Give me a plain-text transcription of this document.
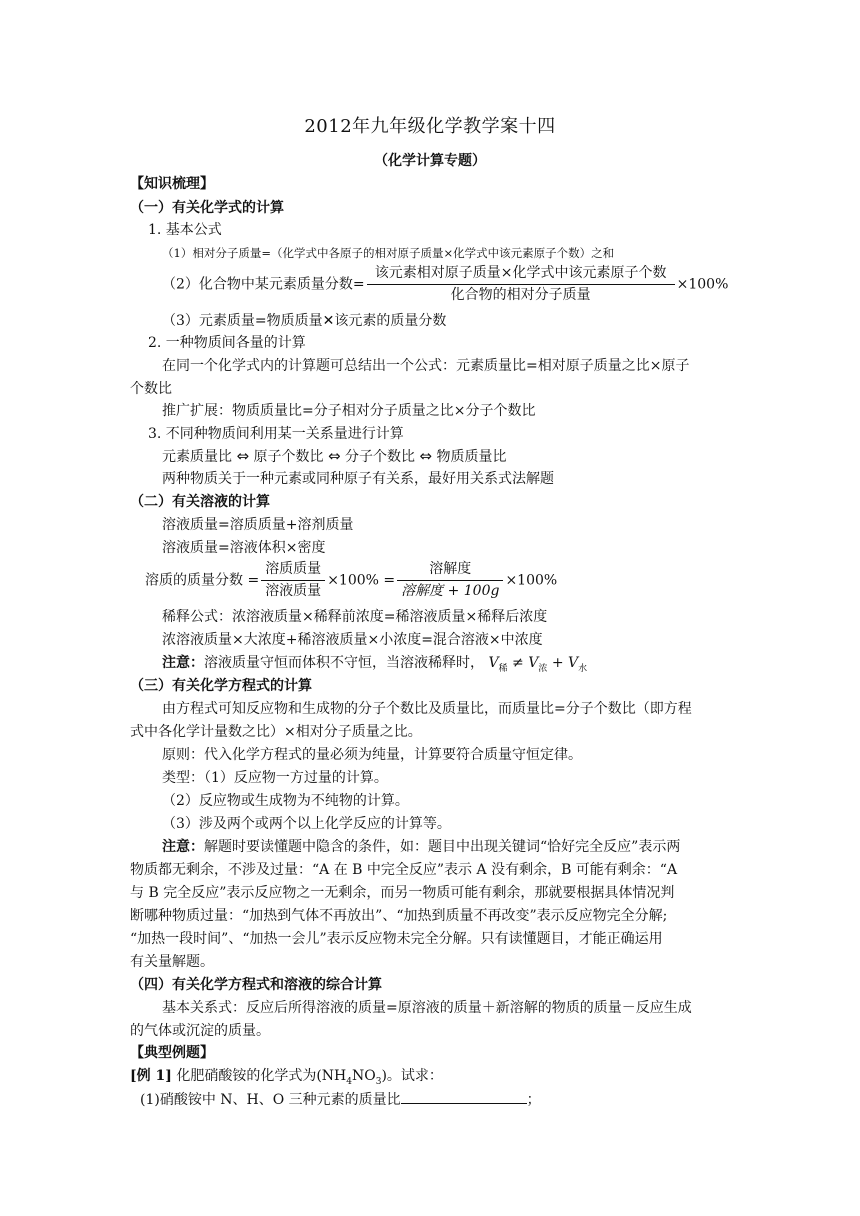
2012年九年级化学教学案十四
（化学计算专题）
【知识梳理】
（一）有关化学式的计算
1. 基本公式
（1）相对分子质量=（化学式中各原子的相对原子质量×化学式中该元素原子个数）之和
（2）化合物中某元素质量分数= $\frac{\text{该元素相对原子质量×化学式中该元素原子个数}}{\text{化合物的相对分子质量}} \times 100\%$
（3）元素质量=物质质量✕该元素的质量分数
2. 一种物质间各量的计算
在同一个化学式内的计算题可总结出一个公式：元素质量比=相对原子质量之比×原子
个数比
推广扩展：物质质量比=分子相对分子质量之比×分子个数比
3. 不同种物质间利用某一关系量进行计算
元素质量比 ⇔ 原子个数比 ⇔ 分子个数比 ⇔ 物质质量比
两种物质关于一种元素或同种原子有关系，最好用关系式法解题
（二）有关溶液的计算
溶液质量=溶质质量+溶剂质量
溶液质量=溶液体积×密度
溶质的质量分数 = $\frac{\text{溶质质量}}{\text{溶液质量}} \times 100\% = \frac{\text{溶解度}}{\text{溶解度 + 100g}} \times 100\%$
稀释公式：浓溶液质量×稀释前浓度=稀溶液质量×稀释后浓度
浓溶液质量×大浓度+稀溶液质量×小浓度=混合溶液×中浓度
注意：溶液质量守恒而体积不守恒，当溶液稀释时， $V_稀 \ne V_浓 + V_水$
（三）有关化学方程式的计算
由方程式可知反应物和生成物的分子个数比及质量比，而质量比=分子个数比（即方程
式中各化学计量数之比）×相对分子质量之比。
原则：代入化学方程式的量必须为纯量，计算要符合质量守恒定律。
类型：（1）反应物一方过量的计算。
（2）反应物或生成物为不纯物的计算。
（3）涉及两个或两个以上化学反应的计算等。
注意：解题时要读懂题中隐含的条件，如：题目中出现关键词“恰好完全反应”表示两
物质都无剩余，不涉及过量：“A 在 B 中完全反应”表示 A 没有剩余，B 可能有剩余：“A
与 B 完全反应”表示反应物之一无剩余，而另一物质可能有剩余，那就要根据具体情况判
断哪种物质过量：“加热到气体不再放出”、“加热到质量不再改变”表示反应物完全分解;
“加热一段时间”、“加热一会儿”表示反应物未完全分解。只有读懂题目，才能正确运用
有关量解题。
（四）有关化学方程式和溶液的综合计算
基本关系式：反应后所得溶液的质量=原溶液的质量＋新溶解的物质的质量－反应生成
的气体或沉淀的质量。
【典型例题】
[例 1] 化肥硝酸铵的化学式为$(NH_4NO_3)$。试求：
(1)硝酸铵中 N、H、O 三种元素的质量比	；
